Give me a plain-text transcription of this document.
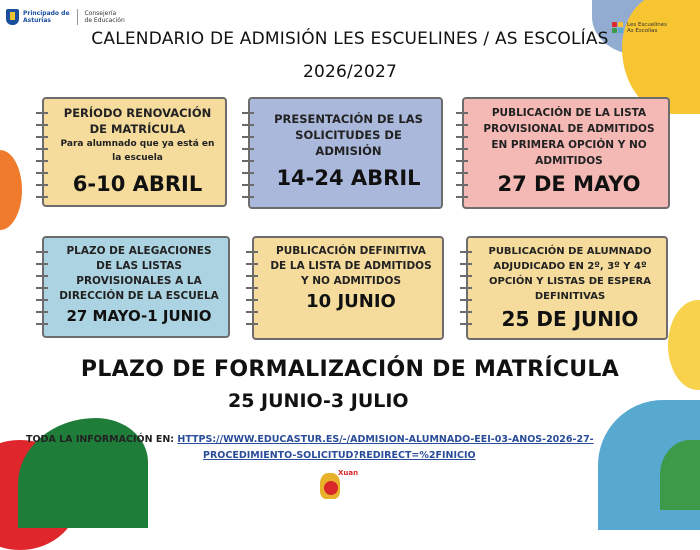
Principado de
Asturias
Consejería
de Educación
Les Escuelines
As Escolías
CALENDARIO DE ADMISIÓN LES ESCUELINES / AS ESCOLÍAS
2026/2027
PERÍODO RENOVACIÓN DE MATRÍCULA
Para alumnado que ya está en la escuela
6-10 ABRIL
PRESENTACIÓN DE LAS SOLICITUDES DE ADMISIÓN
14-24 ABRIL
PUBLICACIÓN DE LA LISTA PROVISIONAL DE ADMITIDOS EN PRIMERA OPCIÓN Y NO ADMITIDOS
27 DE MAYO
PLAZO DE ALEGACIONES DE LAS LISTAS PROVISIONALES A LA DIRECCIÓN DE LA ESCUELA
27 MAYO-1 JUNIO
PUBLICACIÓN DEFINITIVA DE LA LISTA DE ADMITIDOS Y NO ADMITIDOS
10 JUNIO
PUBLICACIÓN DE ALUMNADO ADJUDICADO EN 2º, 3º Y 4º OPCIÓN Y LISTAS DE ESPERA DEFINITIVAS
25 DE JUNIO
PLAZO DE FORMALIZACIÓN DE MATRÍCULA
25 JUNIO-3 JULIO
TODA LA INFORMACIÓN EN: HTTPS://WWW.EDUCASTUR.ES/-/ADMISION-ALUMNADO-EEI-03-ANOS-2026-27-
PROCEDIMIENTO-SOLICITUD?REDIRECT=%2FINICIO
Xuan
